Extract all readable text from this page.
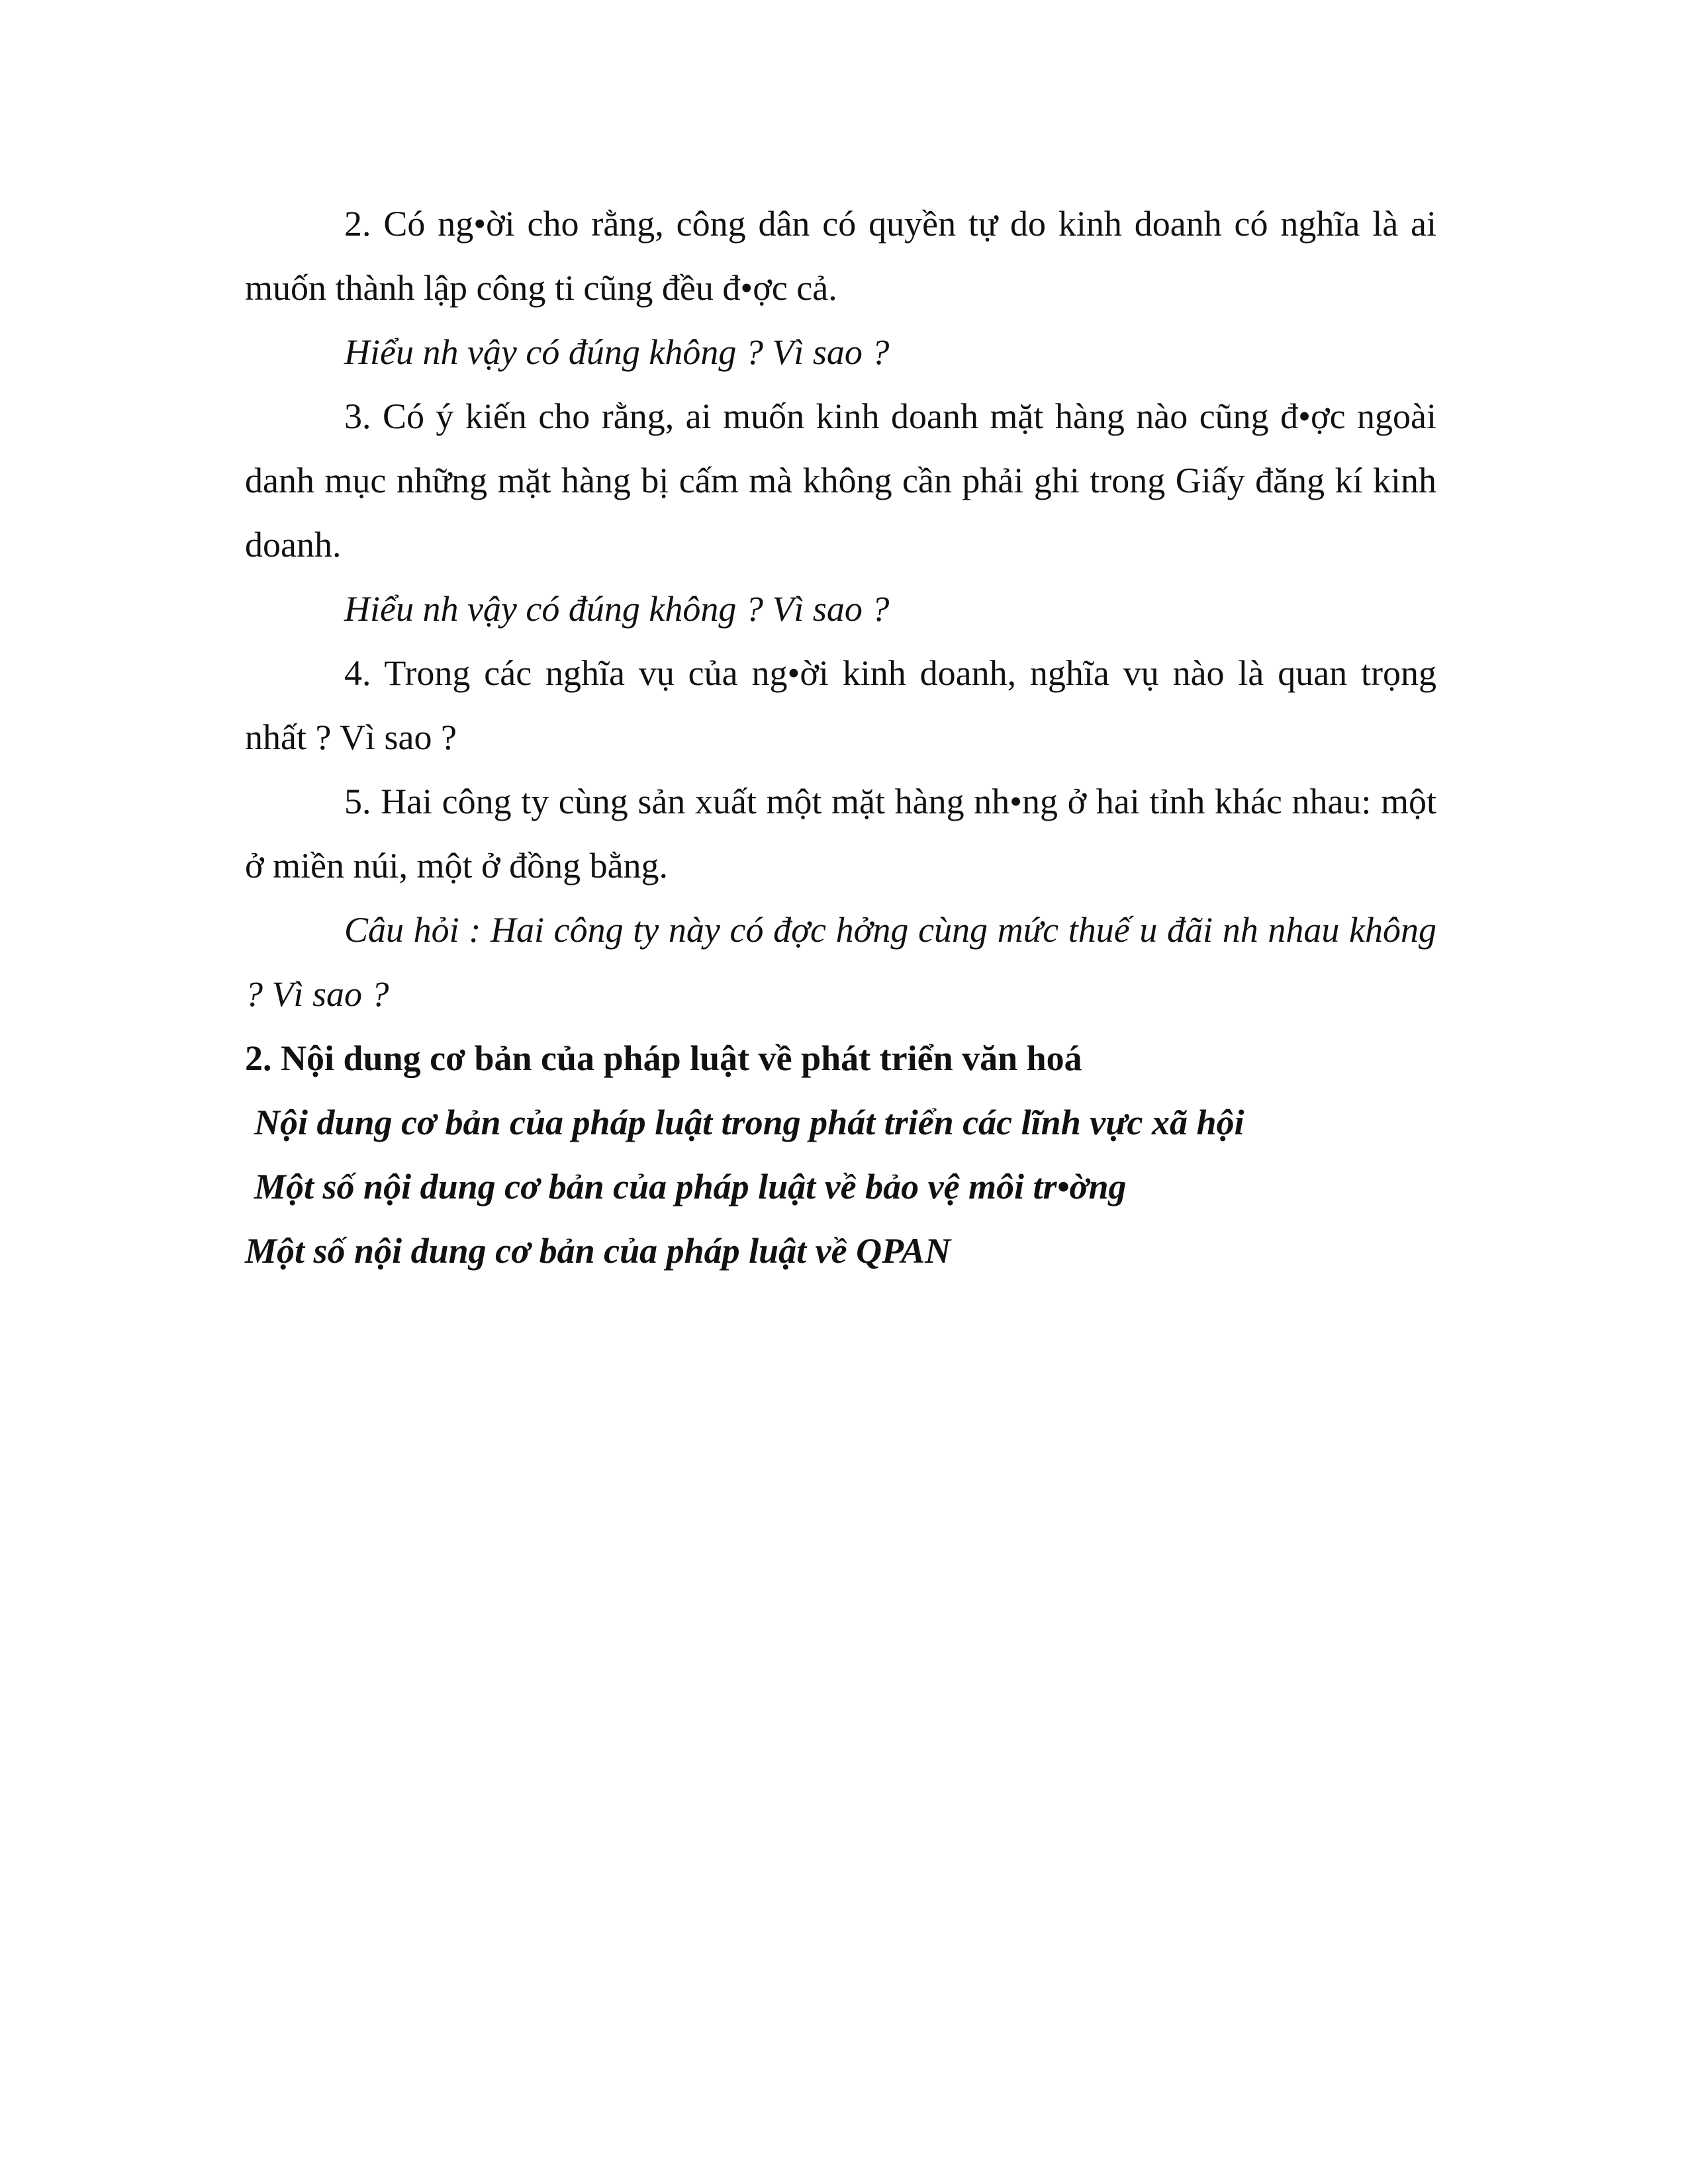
2. Có ng•ời cho rằng, công dân có quyền tự do kinh doanh có nghĩa là ai muốn thành lập công ti cũng đều đ•ợc cả.

Hiểu nh vậy có đúng không ? Vì sao ?

3. Có ý kiến cho rằng, ai muốn kinh doanh mặt hàng nào cũng đ•ợc ngoài danh mục những mặt hàng bị cấm mà không cần phải ghi trong Giấy đăng kí kinh doanh.

Hiểu nh vậy có đúng không ? Vì sao ?

4. Trong các nghĩa vụ của ng•ời kinh doanh, nghĩa vụ nào là quan trọng nhất ? Vì sao ?

5. Hai công ty cùng sản xuất một mặt hàng nh•ng ở hai tỉnh khác nhau: một ở miền núi, một ở đồng bằng.

Câu hỏi : Hai công ty này có đợc hởng cùng mức thuế u đãi nh nhau không ? Vì sao ?

2. Nội dung cơ bản của pháp luật về phát triển văn hoá

Nội dung cơ bản của pháp luật trong phát triển các lĩnh vực xã hội

Một số nội dung cơ bản của pháp luật về bảo vệ môi tr•ờng

Một số nội dung cơ bản của pháp luật về QPAN
